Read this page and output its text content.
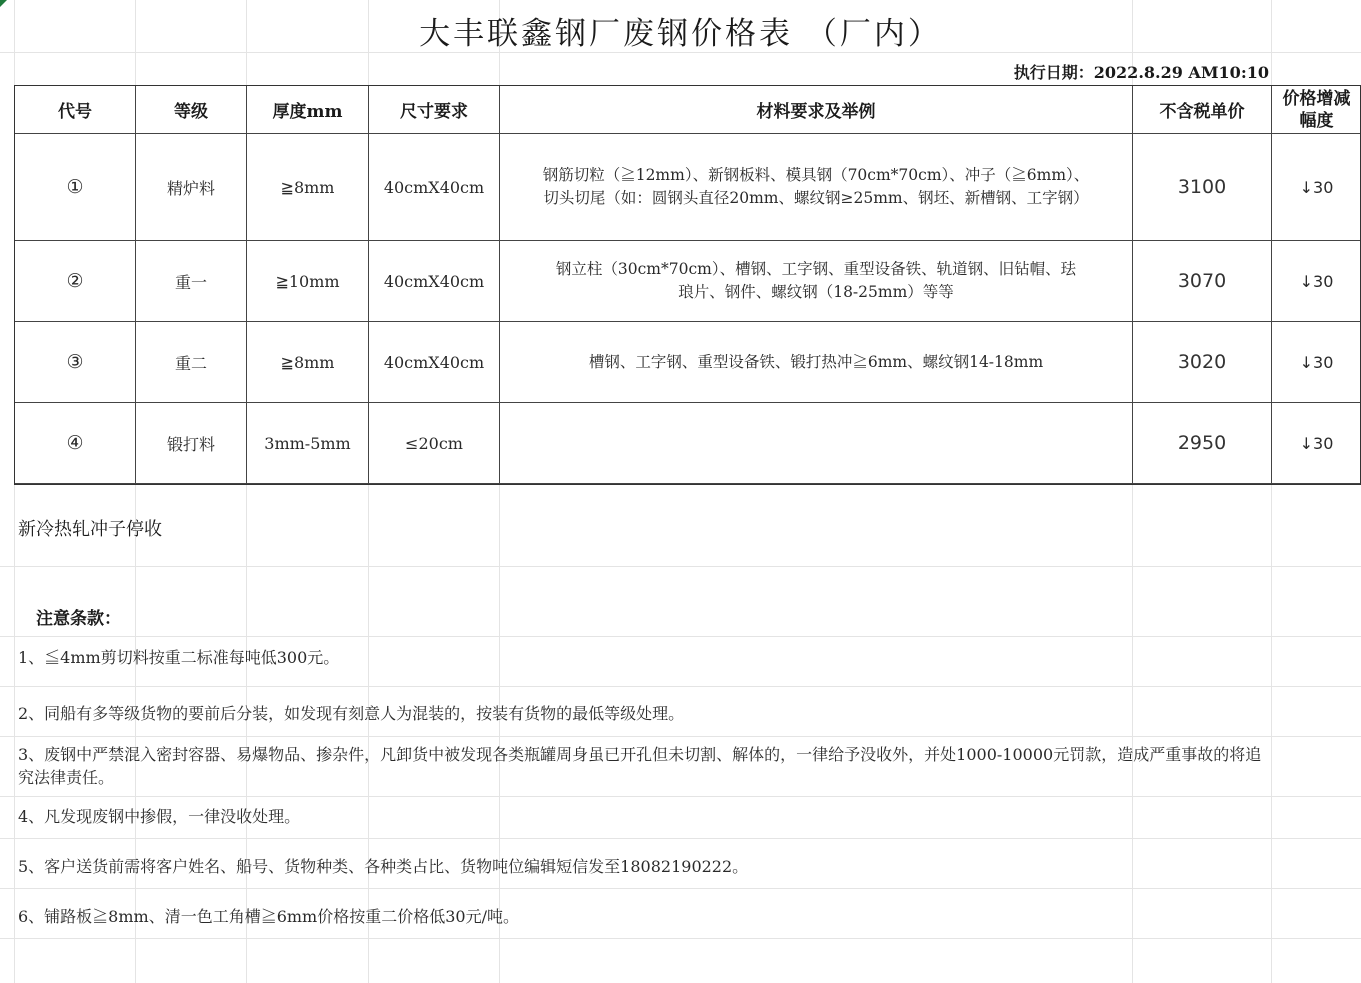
大丰联鑫钢厂废钢价格表 （厂内）
执行日期：2022.8.29 AM10:10
代号	等级	厚度mm	尺寸要求	材料要求及举例	不含税单价	价格增减幅度
①	精炉料	≧8mm	40cmX40cm	钢筋切粒（≧12mm）、新钢板料、模具钢（70cm*70cm）、冲子（≧6mm）、
切头切尾（如：圆钢头直径20mm、螺纹钢≥25mm、钢坯、新槽钢、工字钢）	3100	↓30
②	重一	≧10mm	40cmX40cm	钢立柱（30cm*70cm）、槽钢、工字钢、重型设备铁、轨道钢、旧钻帽、珐
琅片、钢件、螺纹钢（18-25mm）等等	3070	↓30
③	重二	≧8mm	40cmX40cm	槽钢、工字钢、重型设备铁、锻打热冲≧6mm、螺纹钢14-18mm	3020	↓30
④	锻打料	3mm-5mm	≤20cm		2950	↓30
新冷热轧冲子停收
注意条款：
1、≦4mm剪切料按重二标准每吨低300元。
2、同船有多等级货物的要前后分装，如发现有刻意人为混装的，按装有货物的最低等级处理。
3、废钢中严禁混入密封容器、易爆物品、掺杂件，凡卸货中被发现各类瓶罐周身虽已开孔但未切割、解体的，一律给予没收外，并处1000-10000元罚款，造成严重事故的将追究法律责任。
4、凡发现废钢中掺假，一律没收处理。
5、客户送货前需将客户姓名、船号、货物种类、各种类占比、货物吨位编辑短信发至18082190222。
6、铺路板≧8mm、清一色工角槽≧6mm价格按重二价格低30元/吨。
